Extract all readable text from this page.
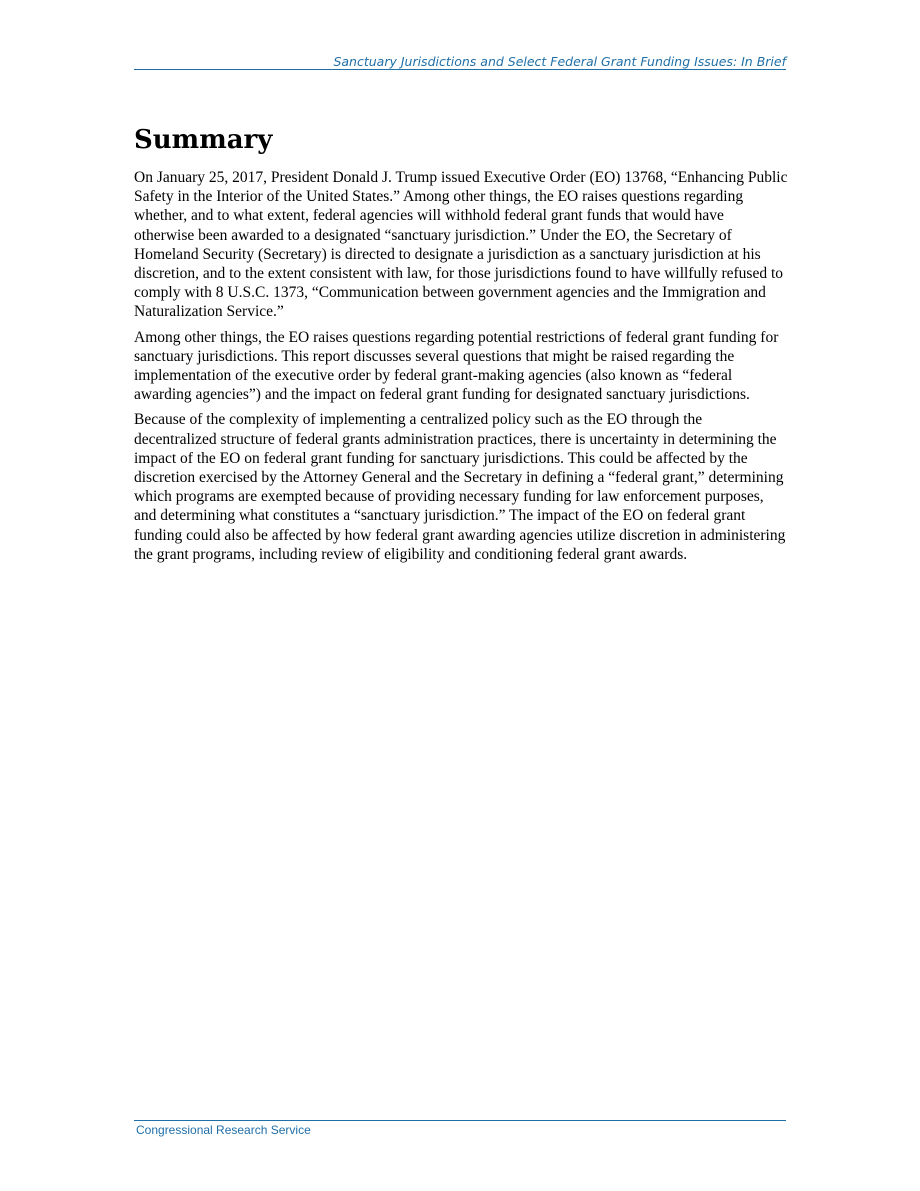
Sanctuary Jurisdictions and Select Federal Grant Funding Issues: In Brief
Summary

On January 25, 2017, President Donald J. Trump issued Executive Order (EO) 13768, “Enhancing Public Safety in the Interior of the United States.” Among other things, the EO raises questions regarding whether, and to what extent, federal agencies will withhold federal grant funds that would have otherwise been awarded to a designated “sanctuary jurisdiction.” Under the EO, the Secretary of Homeland Security (Secretary) is directed to designate a jurisdiction as a sanctuary jurisdiction at his discretion, and to the extent consistent with law, for those jurisdictions found to have willfully refused to comply with 8 U.S.C. 1373, “Communication between government agencies and the Immigration and Naturalization Service.”

Among other things, the EO raises questions regarding potential restrictions of federal grant funding for sanctuary jurisdictions. This report discusses several questions that might be raised regarding the implementation of the executive order by federal grant-making agencies (also known as “federal awarding agencies”) and the impact on federal grant funding for designated sanctuary jurisdictions.

Because of the complexity of implementing a centralized policy such as the EO through the decentralized structure of federal grants administration practices, there is uncertainty in determining the impact of the EO on federal grant funding for sanctuary jurisdictions. This could be affected by the discretion exercised by the Attorney General and the Secretary in defining a “federal grant,” determining which programs are exempted because of providing necessary funding for law enforcement purposes, and determining what constitutes a “sanctuary jurisdiction.” The impact of the EO on federal grant funding could also be affected by how federal grant awarding agencies utilize discretion in administering the grant programs, including review of eligibility and conditioning federal grant awards.

Congressional Research Service
